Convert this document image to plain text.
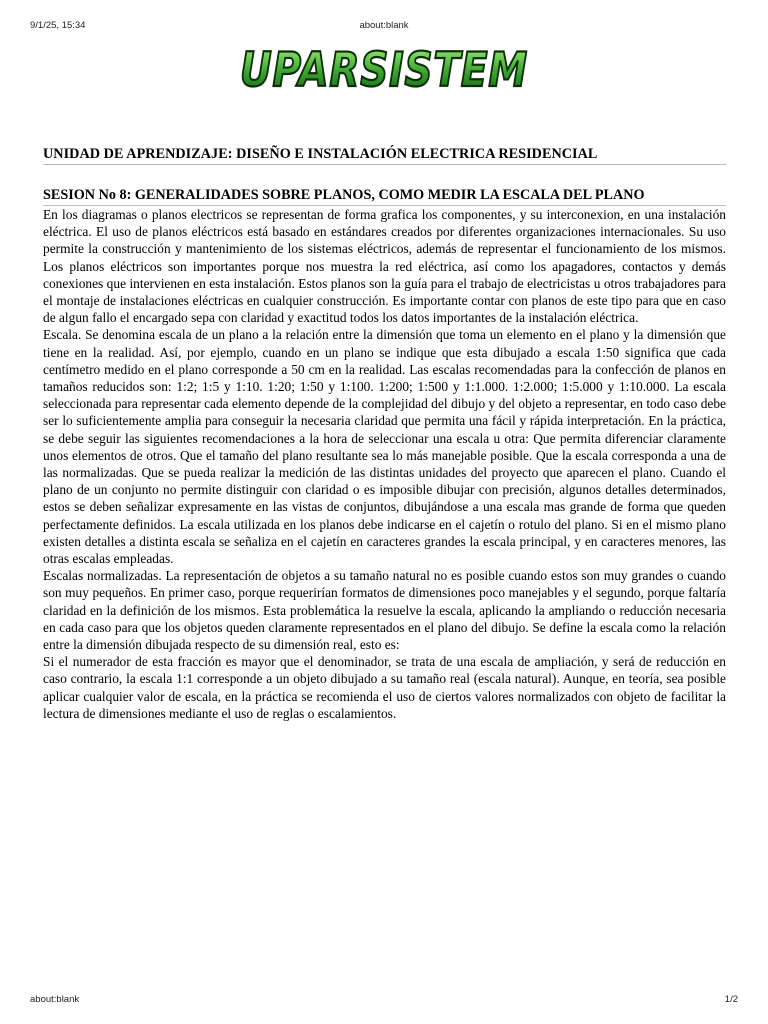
9/1/25, 15:34	about:blank
UPARSISTEM
UNIDAD DE APRENDIZAJE: DISEÑO E INSTALACIÓN ELECTRICA RESIDENCIAL
SESION No 8: GENERALIDADES SOBRE PLANOS, COMO MEDIR LA ESCALA DEL PLANO

En los diagramas o planos electricos se representan de forma grafica los componentes, y su interconexion, en una instalación eléctrica. El uso de planos eléctricos está basado en estándares creados por diferentes organizaciones internacionales. Su uso permite la construcción y mantenimiento de los sistemas eléctricos, además de representar el funcionamiento de los mismos. Los planos eléctricos son importantes porque nos muestra la red eléctrica, así como los apagadores, contactos y demás conexiones que intervienen en esta instalación. Estos planos son la guía para el trabajo de electricistas u otros trabajadores para el montaje de instalaciones eléctricas en cualquier construcción. Es importante contar con planos de este tipo para que en caso de algun fallo el encargado sepa con claridad y exactitud todos los datos importantes de la instalación eléctrica.

Escala. Se denomina escala de un plano a la relación entre la dimensión que toma un elemento en el plano y la dimensión que tiene en la realidad. Así, por ejemplo, cuando en un plano se indique que esta dibujado a escala 1:50 significa que cada centímetro medido en el plano corresponde a 50 cm en la realidad. Las escalas recomendadas para la confección de planos en tamaños reducidos son: 1:2; 1:5 y 1:10. 1:20; 1:50 y 1:100. 1:200; 1:500 y 1:1.000. 1:2.000; 1:5.000 y 1:10.000. La escala seleccionada para representar cada elemento depende de la complejidad del dibujo y del objeto a representar, en todo caso debe ser lo suficientemente amplia para conseguir la necesaria claridad que permita una fácil y rápida interpretación. En la práctica, se debe seguir las siguientes recomendaciones a la hora de seleccionar una escala u otra: Que permita diferenciar claramente unos elementos de otros. Que el tamaño del plano resultante sea lo más manejable posible. Que la escala corresponda a una de las normalizadas. Que se pueda realizar la medición de las distintas unidades del proyecto que aparecen el plano. Cuando el plano de un conjunto no permite distinguir con claridad o es imposible dibujar con precisión, algunos detalles determinados, estos se deben señalizar expresamente en las vistas de conjuntos, dibujándose a una escala mas grande de forma que queden perfectamente definidos. La escala utilizada en los planos debe indicarse en el cajetín o rotulo del plano. Si en el mismo plano existen detalles a distinta escala se señaliza en el cajetín en caracteres grandes la escala principal, y en caracteres menores, las otras escalas empleadas.

Escalas normalizadas. La representación de objetos a su tamaño natural no es posible cuando estos son muy grandes o cuando son muy pequeños. En primer caso, porque requerirían formatos de dimensiones poco manejables y el segundo, porque faltaría claridad en la definición de los mismos. Esta problemática la resuelve la escala, aplicando la ampliando o reducción necesaria en cada caso para que los objetos queden claramente representados en el plano del dibujo. Se define la escala como la relación entre la dimensión dibujada respecto de su dimensión real, esto es:

Si el numerador de esta fracción es mayor que el denominador, se trata de una escala de ampliación, y será de reducción en caso contrario, la escala 1:1 corresponde a un objeto dibujado a su tamaño real (escala natural). Aunque, en teoría, sea posible aplicar cualquier valor de escala, en la práctica se recomienda el uso de ciertos valores normalizados con objeto de facilitar la lectura de dimensiones mediante el uso de reglas o escalamientos.

about:blank	1/2
